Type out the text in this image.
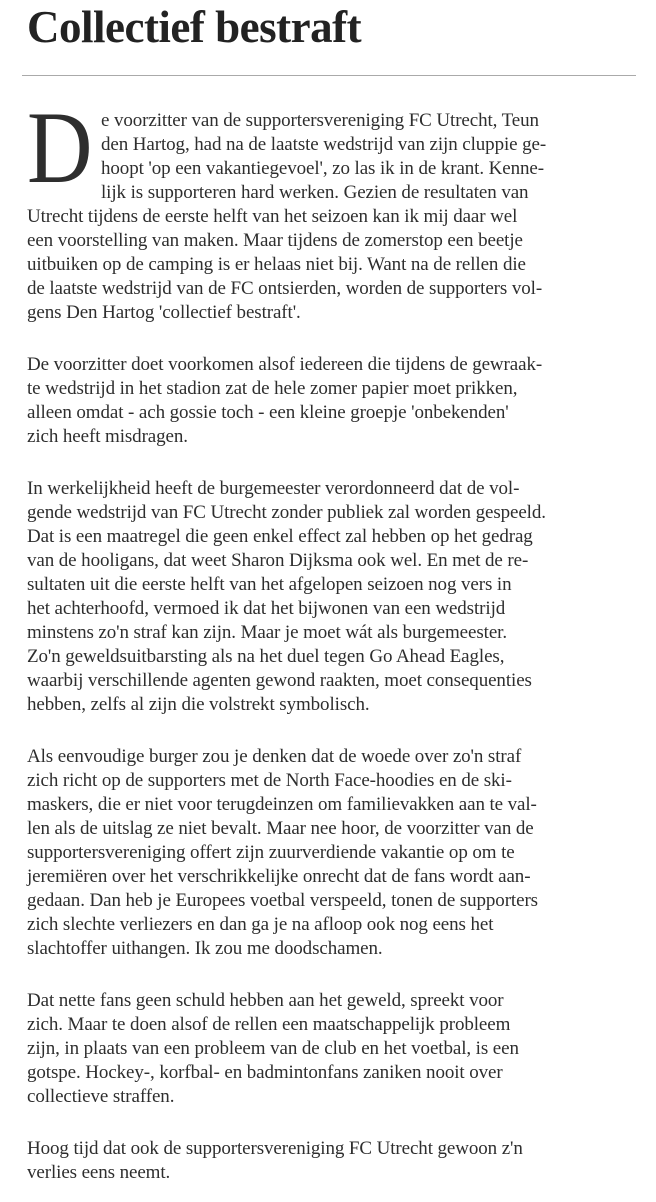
Collectief bestraft

D e voorzitter van de supportersvereniging FC Utrecht, Teun
den Hartog, had na de laatste wedstrijd van zijn cluppie ge-
hoopt 'op een vakantiegevoel', zo las ik in de krant. Kenne-
lijk is supporteren hard werken. Gezien de resultaten van
Utrecht tijdens de eerste helft van het seizoen kan ik mij daar wel
een voorstelling van maken. Maar tijdens de zomerstop een beetje
uitbuiken op de camping is er helaas niet bij. Want na de rellen die
de laatste wedstrijd van de FC ontsierden, worden de supporters vol-
gens Den Hartog 'collectief bestraft'.

De voorzitter doet voorkomen alsof iedereen die tijdens de gewraak-
te wedstrijd in het stadion zat de hele zomer papier moet prikken,
alleen omdat - ach gossie toch - een kleine groepje 'onbekenden'
zich heeft misdragen.

In werkelijkheid heeft de burgemeester verordonneerd dat de vol-
gende wedstrijd van FC Utrecht zonder publiek zal worden gespeeld.
Dat is een maatregel die geen enkel effect zal hebben op het gedrag
van de hooligans, dat weet Sharon Dijksma ook wel. En met de re-
sultaten uit die eerste helft van het afgelopen seizoen nog vers in
het achterhoofd, vermoed ik dat het bijwonen van een wedstrijd
minstens zo'n straf kan zijn. Maar je moet wát als burgemeester.
Zo'n geweldsuitbarsting als na het duel tegen Go Ahead Eagles,
waarbij verschillende agenten gewond raakten, moet consequenties
hebben, zelfs al zijn die volstrekt symbolisch.

Als eenvoudige burger zou je denken dat de woede over zo'n straf
zich richt op de supporters met de North Face-hoodies en de ski-
maskers, die er niet voor terugdeinzen om familievakken aan te val-
len als de uitslag ze niet bevalt. Maar nee hoor, de voorzitter van de
supportersvereniging offert zijn zuurverdiende vakantie op om te
jeremiëren over het verschrikkelijke onrecht dat de fans wordt aan-
gedaan. Dan heb je Europees voetbal verspeeld, tonen de supporters
zich slechte verliezers en dan ga je na afloop ook nog eens het
slachtoffer uithangen. Ik zou me doodschamen.

Dat nette fans geen schuld hebben aan het geweld, spreekt voor
zich. Maar te doen alsof de rellen een maatschappelijk probleem
zijn, in plaats van een probleem van de club en het voetbal, is een
gotspe. Hockey-, korfbal- en badmintonfans zaniken nooit over
collectieve straffen.

Hoog tijd dat ook de supportersvereniging FC Utrecht gewoon z'n
verlies eens neemt.
